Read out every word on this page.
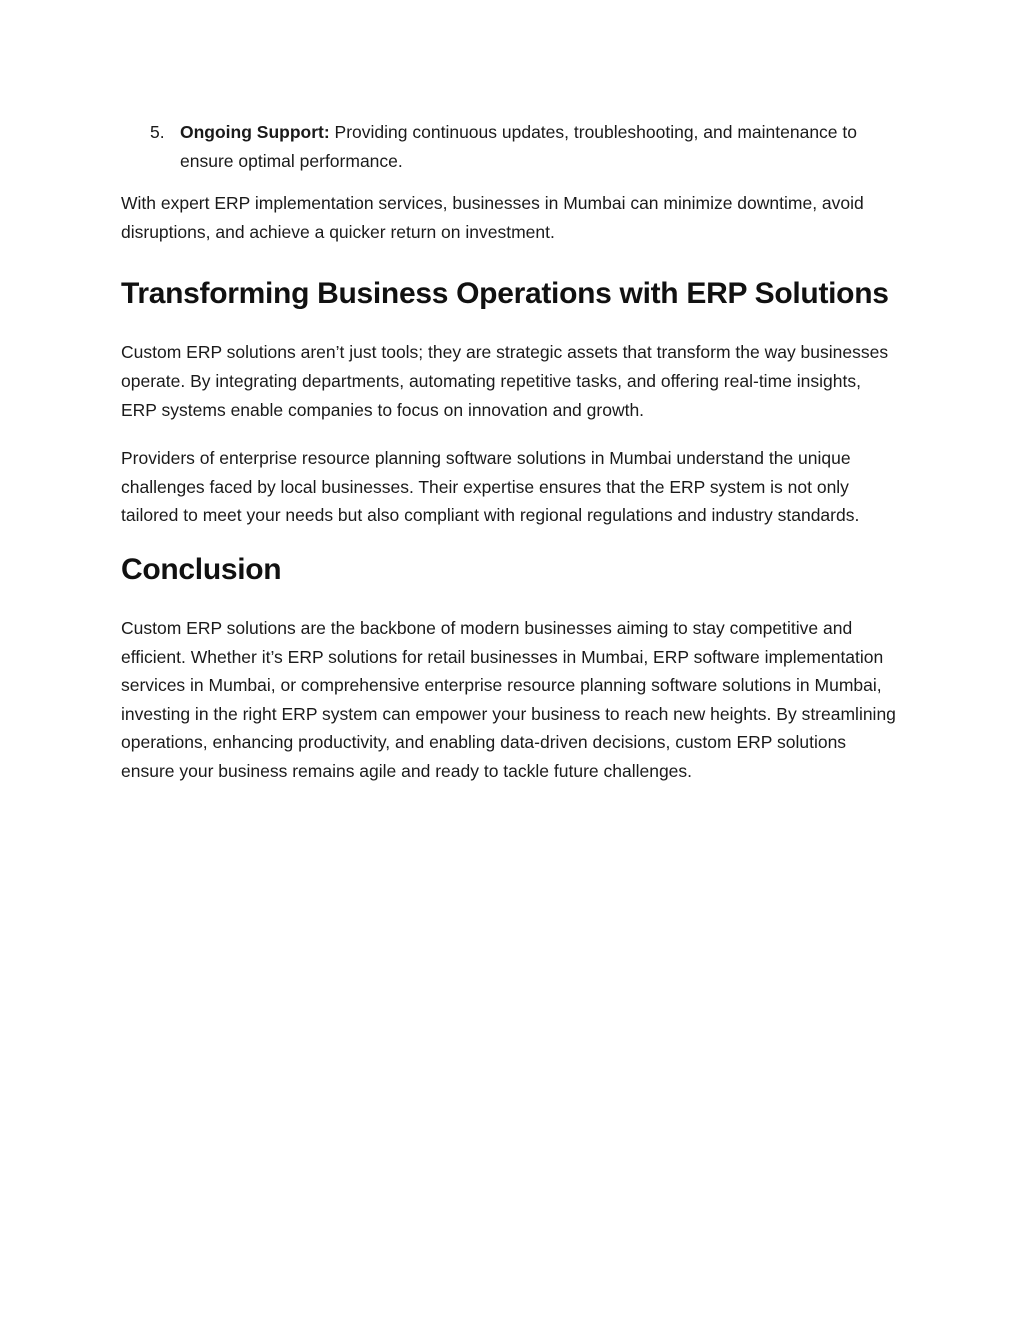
5. Ongoing Support: Providing continuous updates, troubleshooting, and maintenance to ensure optimal performance.

With expert ERP implementation services, businesses in Mumbai can minimize downtime, avoid disruptions, and achieve a quicker return on investment.

Transforming Business Operations with ERP Solutions

Custom ERP solutions aren’t just tools; they are strategic assets that transform the way businesses operate. By integrating departments, automating repetitive tasks, and offering real-time insights, ERP systems enable companies to focus on innovation and growth.

Providers of enterprise resource planning software solutions in Mumbai understand the unique challenges faced by local businesses. Their expertise ensures that the ERP system is not only tailored to meet your needs but also compliant with regional regulations and industry standards.

Conclusion

Custom ERP solutions are the backbone of modern businesses aiming to stay competitive and efficient. Whether it’s ERP solutions for retail businesses in Mumbai, ERP software implementation services in Mumbai, or comprehensive enterprise resource planning software solutions in Mumbai, investing in the right ERP system can empower your business to reach new heights. By streamlining operations, enhancing productivity, and enabling data-driven decisions, custom ERP solutions ensure your business remains agile and ready to tackle future challenges.
